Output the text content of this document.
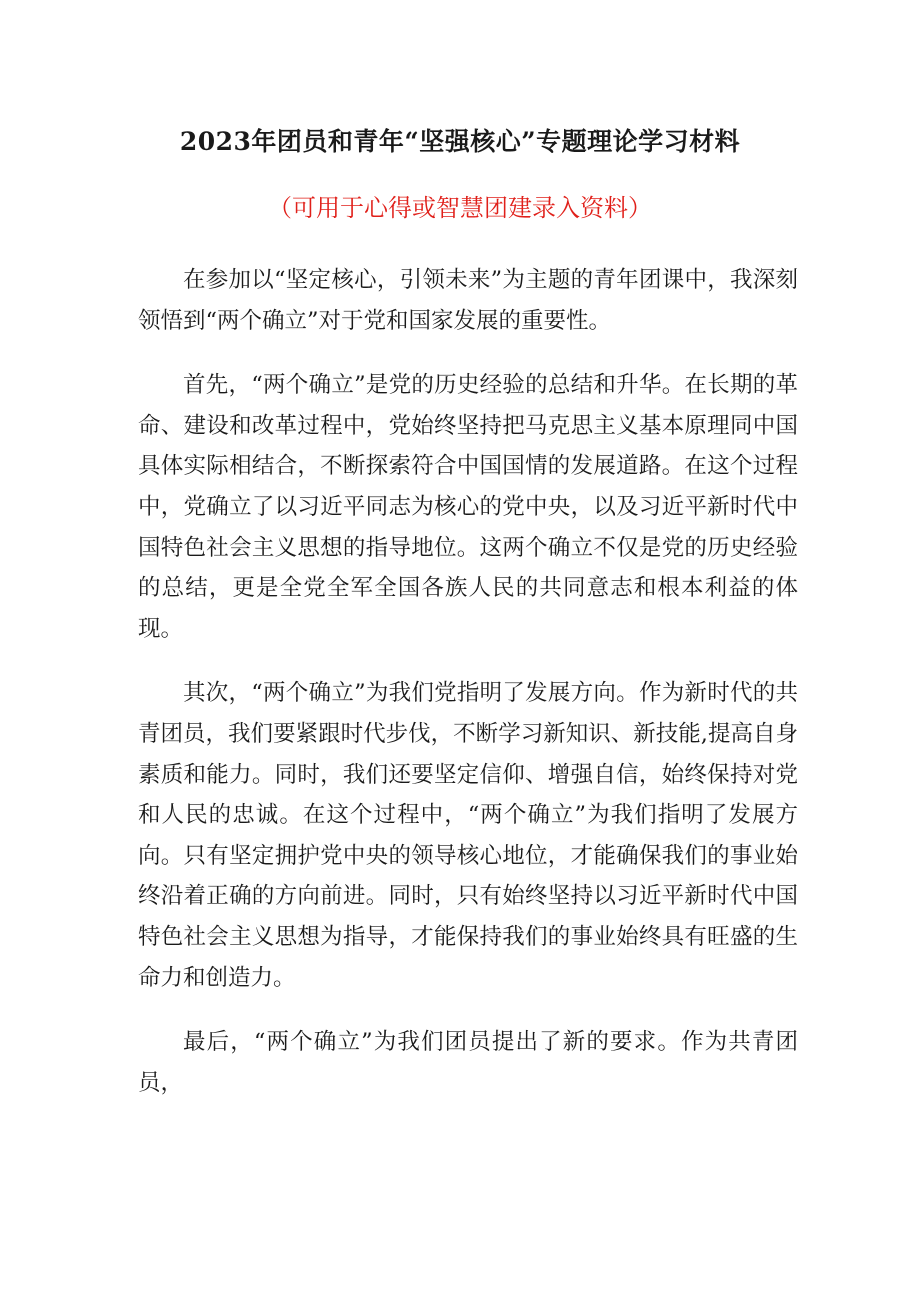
2023年团员和青年“坚强核心”专题理论学习材料

（可用于心得或智慧团建录入资料）

在参加以“坚定核心，引领未来”为主题的青年团课中，我深刻领悟到“两个确立”对于党和国家发展的重要性。

首先，“两个确立”是党的历史经验的总结和升华。在长期的革命、建设和改革过程中，党始终坚持把马克思主义基本原理同中国具体实际相结合，不断探索符合中国国情的发展道路。在这个过程中，党确立了以习近平同志为核心的党中央，以及习近平新时代中国特色社会主义思想的指导地位。这两个确立不仅是党的历史经验的总结，更是全党全军全国各族人民的共同意志和根本利益的体现。

其次，“两个确立”为我们党指明了发展方向。作为新时代的共青团员，我们要紧跟时代步伐，不断学习新知识、新技能,提高自身素质和能力。同时，我们还要坚定信仰、增强自信，始终保持对党和人民的忠诚。在这个过程中，“两个确立”为我们指明了发展方向。只有坚定拥护党中央的领导核心地位，才能确保我们的事业始终沿着正确的方向前进。同时，只有始终坚持以习近平新时代中国特色社会主义思想为指导，才能保持我们的事业始终具有旺盛的生命力和创造力。

最后，“两个确立”为我们团员提出了新的要求。作为共青团员，
